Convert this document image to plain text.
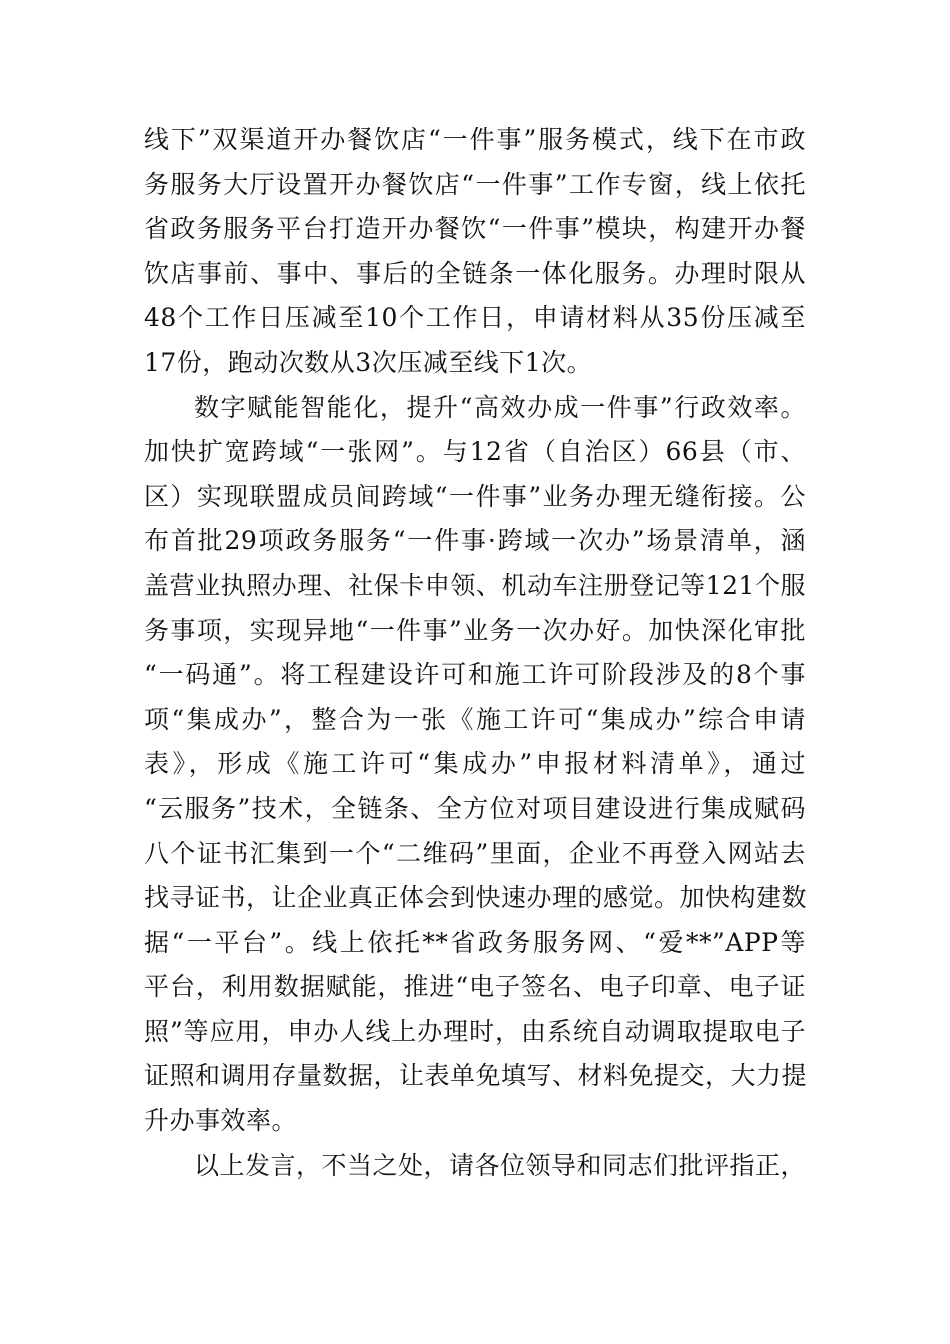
线下”双渠道开办餐饮店“一件事”服务模式，线下在市政
务服务大厅设置开办餐饮店“一件事”工作专窗，线上依托
省政务服务平台打造开办餐饮“一件事”模块，构建开办餐
饮店事前、事中、事后的全链条一体化服务。办理时限从
48个工作日压减至10个工作日，申请材料从35份压减至
17份，跑动次数从3次压减至线下1次。
数字赋能智能化，提升“高效办成一件事”行政效率。
加快扩宽跨域“一张网”。与12省（自治区）66县（市、
区）实现联盟成员间跨域“一件事”业务办理无缝衔接。公
布首批29项政务服务“一件事·跨域一次办”场景清单，涵
盖营业执照办理、社保卡申领、机动车注册登记等121个服
务事项，实现异地“一件事”业务一次办好。加快深化审批
“一码通”。将工程建设许可和施工许可阶段涉及的8个事
项“集成办”，整合为一张《施工许可“集成办”综合申请
表》，形成《施工许可“集成办”申报材料清单》，通过
“云服务”技术，全链条、全方位对项目建设进行集成赋码
八个证书汇集到一个“二维码”里面，企业不再登入网站去
找寻证书，让企业真正体会到快速办理的感觉。加快构建数
据“一平台”。线上依托**省政务服务网、“爱**”APP等
平台，利用数据赋能，推进“电子签名、电子印章、电子证
照”等应用，申办人线上办理时，由系统自动调取提取电子
证照和调用存量数据，让表单免填写、材料免提交，大力提
升办事效率。
以上发言，不当之处，请各位领导和同志们批评指正，
